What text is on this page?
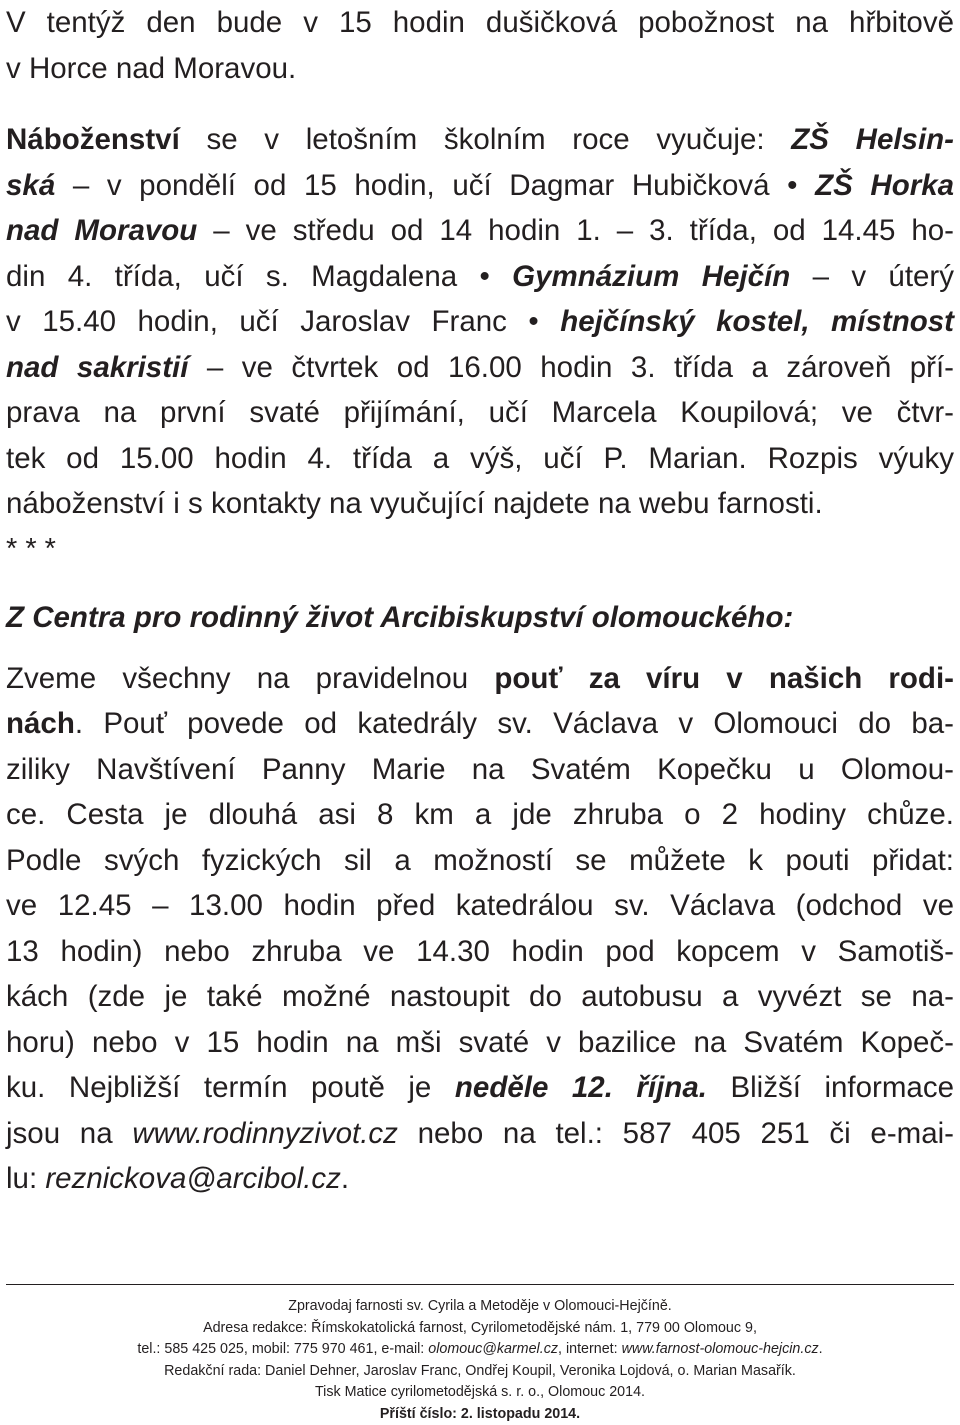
V tentýž den bude v 15 hodin dušičková pobožnost na hřbitově
v Horce nad Moravou.
Náboženství se v letošním školním roce vyučuje: ZŠ Helsin-
ská – v pondělí od 15 hodin, učí Dagmar Hubičková • ZŠ Horka
nad Moravou – ve středu od 14 hodin 1. – 3. třída, od 14.45 ho-
din 4. třída, učí s. Magdalena • Gymnázium Hejčín – v úterý
v 15.40 hodin, učí Jaroslav Franc • hejčínský kostel, místnost
nad sakristií – ve čtvrtek od 16.00 hodin 3. třída a zároveň pří-
prava na první svaté přijímání, učí Marcela Koupilová; ve čtvr-
tek od 15.00 hodin 4. třída a výš, učí P. Marian. Rozpis výuky
náboženství i s kontakty na vyučující najdete na webu farnosti.
* * *
Z Centra pro rodinný život Arcibiskupství olomouckého:
Zveme všechny na pravidelnou pouť za víru v našich rodi-
nách. Pouť povede od katedrály sv. Václava v Olomouci do ba-
ziliky Navštívení Panny Marie na Svatém Kopečku u Olomou-
ce. Cesta je dlouhá asi 8 km a jde zhruba o 2 hodiny chůze.
Podle svých fyzických sil a možností se můžete k pouti přidat:
ve 12.45 – 13.00 hodin před katedrálou sv. Václava (odchod ve
13 hodin) nebo zhruba ve 14.30 hodin pod kopcem v Samotiš-
kách (zde je také možné nastoupit do autobusu a vyvézt se na-
horu) nebo v 15 hodin na mši svaté v bazilice na Svatém Kopeč-
ku. Nejbližší termín poutě je neděle 12. října. Bližší informace
jsou na www.rodinnyzivot.cz nebo na tel.: 587 405 251 či e-mai-
lu: reznickova@arcibol.cz.
Zpravodaj farnosti sv. Cyrila a Metoděje v Olomouci-Hejčíně.
Adresa redakce: Římskokatolická farnost, Cyrilometodějské nám. 1, 779 00 Olomouc 9,
tel.: 585 425 025, mobil: 775 970 461, e-mail: olomouc@karmel.cz, internet: www.farnost-olomouc-hejcin.cz.
Redakční rada: Daniel Dehner, Jaroslav Franc, Ondřej Koupil, Veronika Lojdová, o. Marian Masařík.
Tisk Matice cyrilometodějská s. r. o., Olomouc 2014.
Příští číslo: 2. listopadu 2014.
